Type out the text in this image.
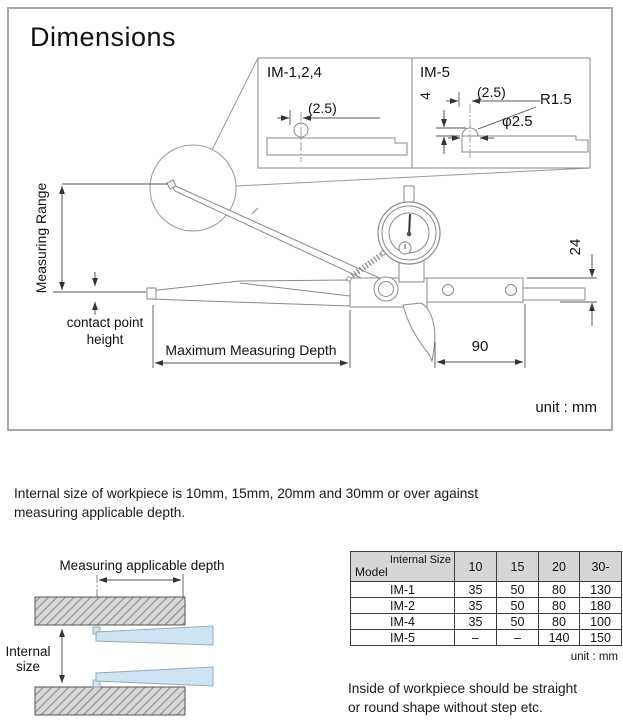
IM-1,2,4
(2.5)
IM-5
4	(2.5) R1.5
φ2.5
Measuring Range
contact point
height
Maximum Measuring Depth	90
24
unit : mm
Measuring applicable depth
Internal
size
Dimensions
Internal size of workpiece is 10mm, 15mm, 20mm and 30mm or over against
measuring applicable depth.
Internal Size
Model	10	15	20	30-
IM-1	35	50	80	130
IM-2	35	50	80	180
IM-4	35	50	80	100
IM-5	–	–	140	150
unit : mm
Inside of workpiece should be straight
or round shape without step etc.
